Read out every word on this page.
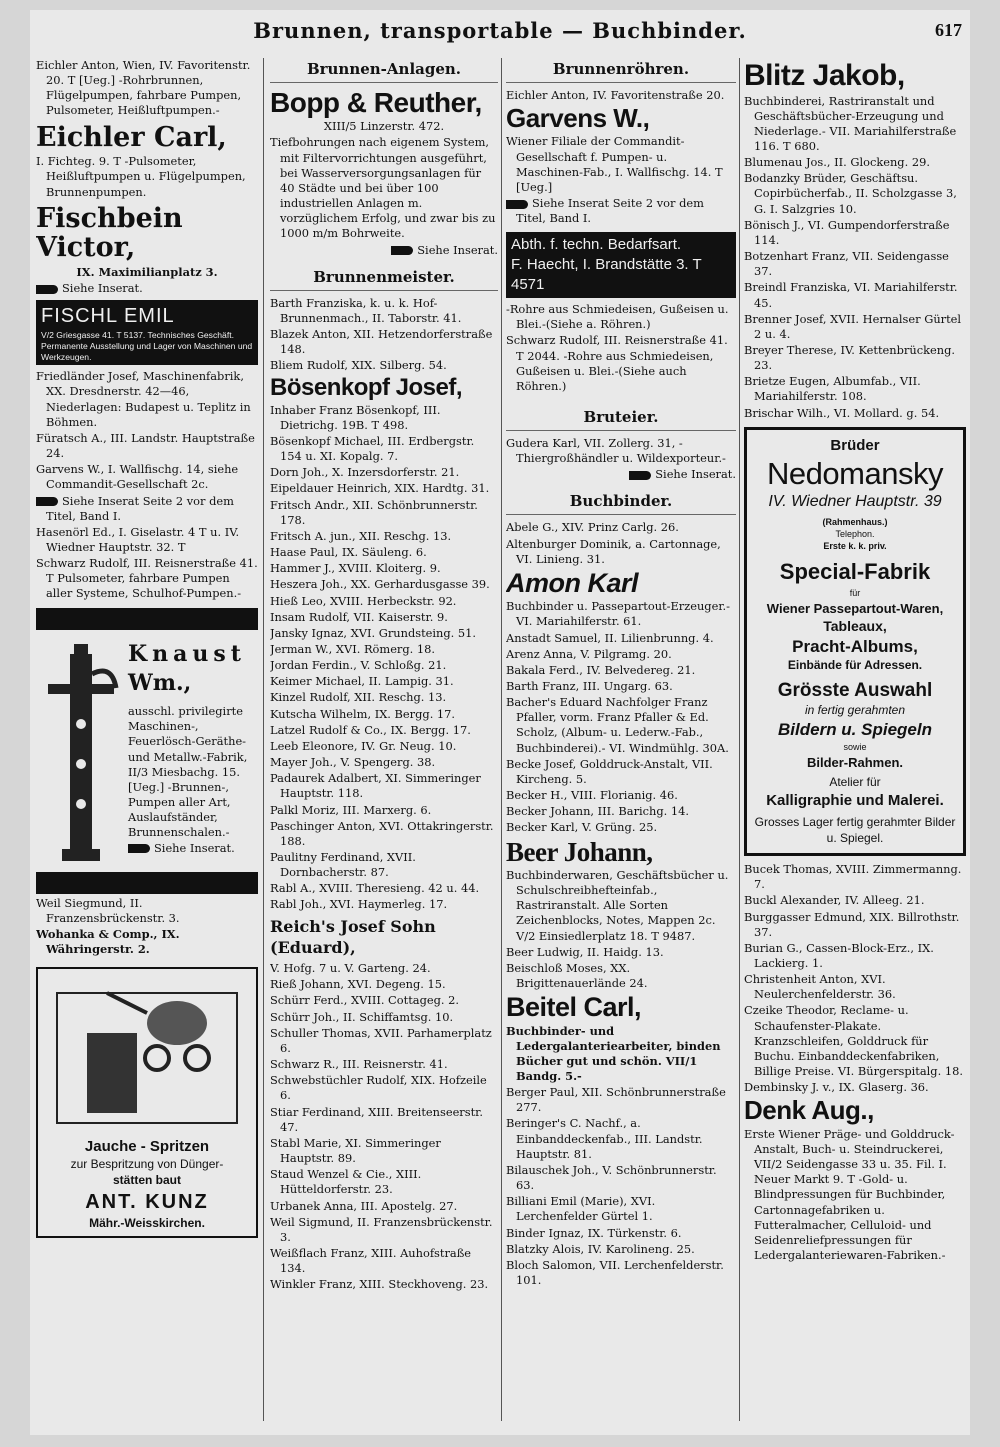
Brunnen, transportable — Buchbinder.	617
Eichler Anton, Wien, IV. Favoritenstr. 20. T [Ueg.] -Rohrbrunnen, Flügelpumpen, fahrbare Pumpen, Pulsometer, Heißluftpumpen.-
Eichler Carl,
I. Fichteg. 9. T -Pulsometer, Heißluftpumpen u. Flügelpumpen, Brunnenpumpen.
Fischbein Victor,
IX. Maximilianplatz 3.
Siehe Inserat.
FISCHL EMIL
V/2 Griesgasse 41. T 5137. Technisches Geschäft. Permanente Ausstellung und Lager von Maschinen und Werkzeugen.
Friedländer Josef, Maschinenfabrik, XX. Dresdnerstr. 42—46, Niederlagen: Budapest u. Teplitz in Böhmen.
Füratsch A., III. Landstr. Hauptstraße 24.
Garvens W., I. Wallfischg. 14, siehe Commandit-Gesellschaft 2c.
Siehe Inserat Seite 2 vor dem Titel, Band I.
Hasenörl Ed., I. Giselastr. 4 T u. IV. Wiedner Hauptstr. 32. T
Schwarz Rudolf, III. Reisnerstraße 41. T Pulsometer, fahrbare Pumpen aller Systeme, Schulhof-Pumpen.-
Knaust
Wm.,
ausschl. privilegirte Maschinen-, Feuerlösch-Geräthe- und Metallw.-Fabrik, II/3 Miesbachg. 15. [Ueg.] -Brunnen-, Pumpen aller Art, Auslaufständer, Brunnenschalen.-
Siehe Inserat.
Weil Siegmund, II. Franzensbrückenstr. 3.
Wohanka & Comp., IX. Währingerstr. 2.
Jauche - Spritzen
zur Bespritzung von Dünger-
stätten baut
ANT. KUNZ
Mähr.-Weisskirchen.
Brunnen-Anlagen.
Bopp & Reuther,
XIII/5 Linzerstr. 472.
Tiefbohrungen nach eigenem System, mit Filtervorrichtungen ausgeführt, bei Wasserversorgungsanlagen für 40 Städte und bei über 100 industriellen Anlagen m. vorzüglichem Erfolg, und zwar bis zu 1000 m/m Bohrweite.
Siehe Inserat.
Brunnenmeister.
Barth Franziska, k. u. k. Hof-Brunnenmach., II. Taborstr. 41.
Blazek Anton, XII. Hetzendorferstraße 148.
Bliem Rudolf, XIX. Silberg. 54.
Bösenkopf Josef,
Inhaber Franz Bösenkopf, III. Dietrichg. 19B. T 498.
Bösenkopf Michael, III. Erdbergstr. 154 u. XI. Kopalg. 7.
Dorn Joh., X. Inzersdorferstr. 21.
Eipeldauer Heinrich, XIX. Hardtg. 31.
Fritsch Andr., XII. Schönbrunnerstr. 178.
Fritsch A. jun., XII. Reschg. 13.
Haase Paul, IX. Säuleng. 6.
Hammer J., XVIII. Kloiterg. 9.
Heszera Joh., XX. Gerhardusgasse 39.
Hieß Leo, XVIII. Herbeckstr. 92.
Insam Rudolf, VII. Kaiserstr. 9.
Jansky Ignaz, XVI. Grundsteing. 51.
Jerman W., XVI. Römerg. 18.
Jordan Ferdin., V. Schloßg. 21.
Keimer Michael, II. Lampig. 31.
Kinzel Rudolf, XII. Reschg. 13.
Kutscha Wilhelm, IX. Bergg. 17.
Latzel Rudolf & Co., IX. Bergg. 17.
Leeb Eleonore, IV. Gr. Neug. 10.
Mayer Joh., V. Spengerg. 38.
Padaurek Adalbert, XI. Simmeringer Hauptstr. 118.
Palkl Moriz, III. Marxerg. 6.
Paschinger Anton, XVI. Ottakringerstr. 188.
Paulitny Ferdinand, XVII. Dornbacherstr. 87.
Rabl A., XVIII. Theresieng. 42 u. 44.
Rabl Joh., XVI. Haymerleg. 17.
Reich's Josef Sohn (Eduard),
V. Hofg. 7 u. V. Garteng. 24.
Rieß Johann, XVI. Degeng. 15.
Schürr Ferd., XVIII. Cottageg. 2.
Schürr Joh., II. Schiffamtsg. 10.
Schuller Thomas, XVII. Parhamerplatz 6.
Schwarz R., III. Reisnerstr. 41.
Schwebstüchler Rudolf, XIX. Hofzeile 6.
Stiar Ferdinand, XIII. Breitenseerstr. 47.
Stabl Marie, XI. Simmeringer Hauptstr. 89.
Staud Wenzel & Cie., XIII. Hütteldorferstr. 23.
Urbanek Anna, III. Apostelg. 27.
Weil Sigmund, II. Franzensbrückenstr. 3.
Weißflach Franz, XIII. Auhofstraße 134.
Winkler Franz, XIII. Steckhoveng. 23.
Brunnenröhren.
Eichler Anton, IV. Favoritenstraße 20.
Garvens W.,
Wiener Filiale der Commandit-Gesellschaft f. Pumpen- u. Maschinen-Fab., I. Wallfischg. 14. T [Ueg.]
Siehe Inserat Seite 2 vor dem Titel, Band I.
Abth. f. techn. Bedarfsart.
F. Haecht, I. Brandstätte 3. T 4571
-Rohre aus Schmiedeisen, Gußeisen u. Blei.-(Siehe a. Röhren.)
Schwarz Rudolf, III. Reisnerstraße 41. T 2044. -Rohre aus Schmiedeisen, Gußeisen u. Blei.-(Siehe auch Röhren.)
Bruteier.
Gudera Karl, VII. Zollerg. 31, -Thiergroßhändler u. Wildexporteur.-
Siehe Inserat.
Buchbinder.
Abele G., XIV. Prinz Carlg. 26.
Altenburger Dominik, a. Cartonnage, VI. Linieng. 31.
Amon Karl
Buchbinder u. Passepartout-Erzeuger.- VI. Mariahilferstr. 61.
Anstadt Samuel, II. Lilienbrunng. 4.
Arenz Anna, V. Pilgramg. 20.
Bakala Ferd., IV. Belvedereg. 21.
Barth Franz, III. Ungarg. 63.
Bacher's Eduard Nachfolger Franz Pfaller, vorm. Franz Pfaller & Ed. Scholz, (Album- u. Lederw.-Fab., Buchbinderei).- VI. Windmühlg. 30A.
Becke Josef, Golddruck-Anstalt, VII. Kircheng. 5.
Becker H., VIII. Florianig. 46.
Becker Johann, III. Barichg. 14.
Becker Karl, V. Grüng. 25.
Beer Johann,
Buchbinderwaren, Geschäftsbücher u. Schulschreibhefteinfab., Rastriranstalt. Alle Sorten Zeichenblocks, Notes, Mappen 2c. V/2 Einsiedlerplatz 18. T 9487.
Beer Ludwig, II. Haidg. 13.
Beischloß Moses, XX. Brigittenauerlände 24.
Beitel Carl,
Buchbinder- und Ledergalanteriearbeiter, binden Bücher gut und schön. VII/1 Bandg. 5.-
Berger Paul, XII. Schönbrunnerstraße 277.
Beringer's C. Nachf., a. Einbanddeckenfab., III. Landstr. Hauptstr. 81.
Bilauschek Joh., V. Schönbrunnerstr. 63.
Billiani Emil (Marie), XVI. Lerchenfelder Gürtel 1.
Binder Ignaz, IX. Türkenstr. 6.
Blatzky Alois, IV. Karolineng. 25.
Bloch Salomon, VII. Lerchenfelderstr. 101.
Blitz Jakob,
Buchbinderei, Rastriranstalt und Geschäftsbücher-Erzeugung und Niederlage.- VII. Mariahilferstraße 116. T 680.
Blumenau Jos., II. Glockeng. 29.
Bodanzky Brüder, Geschäftsu. Copirbücherfab., II. Scholzgasse 3, G. I. Salzgries 10.
Bönisch J., VI. Gumpendorferstraße 114.
Botzenhart Franz, VII. Seidengasse 37.
Breindl Franziska, VI. Mariahilferstr. 45.
Brenner Josef, XVII. Hernalser Gürtel 2 u. 4.
Breyer Therese, IV. Kettenbrückeng. 23.
Brietze Eugen, Albumfab., VII. Mariahilferstr. 108.
Brischar Wilh., VI. Mollard. g. 54.
Brüder
Nedomansky
IV. Wiedner Hauptstr. 39
(Rahmenhaus.)
Telephon.
Erste k. k. priv.
Special-Fabrik
für
Wiener Passepartout-Waren,
Tableaux,
Pracht-Albums,
Einbände für Adressen.
Grösste Auswahl
in fertig gerahmten
Bildern u. Spiegeln
sowie
Bilder-Rahmen.
Atelier für
Kalligraphie und Malerei.
Grosses Lager fertig gerahmter Bilder u. Spiegel.
Bucek Thomas, XVIII. Zimmermanng. 7.
Buckl Alexander, IV. Alleeg. 21.
Burggasser Edmund, XIX. Billrothstr. 37.
Burian G., Cassen-Block-Erz., IX. Lackierg. 1.
Christenheit Anton, XVI. Neulerchenfelderstr. 36.
Czeike Theodor, Reclame- u. Schaufenster-Plakate. Kranzschleifen, Golddruck für Buchu. Einbanddeckenfabriken, Billige Preise. VI. Bürgerspitalg. 18.
Dembinsky J. v., IX. Glaserg. 36.
Denk Aug.,
Erste Wiener Präge- und Golddruck-Anstalt, Buch- u. Steindruckerei, VII/2 Seidengasse 33 u. 35. Fil. I. Neuer Markt 9. T -Gold- u. Blindpressungen für Buchbinder, Cartonnagefabriken u. Futteralmacher, Celluloid- und Seidenreliefpressungen für Ledergalanteriewaren-Fabriken.-
